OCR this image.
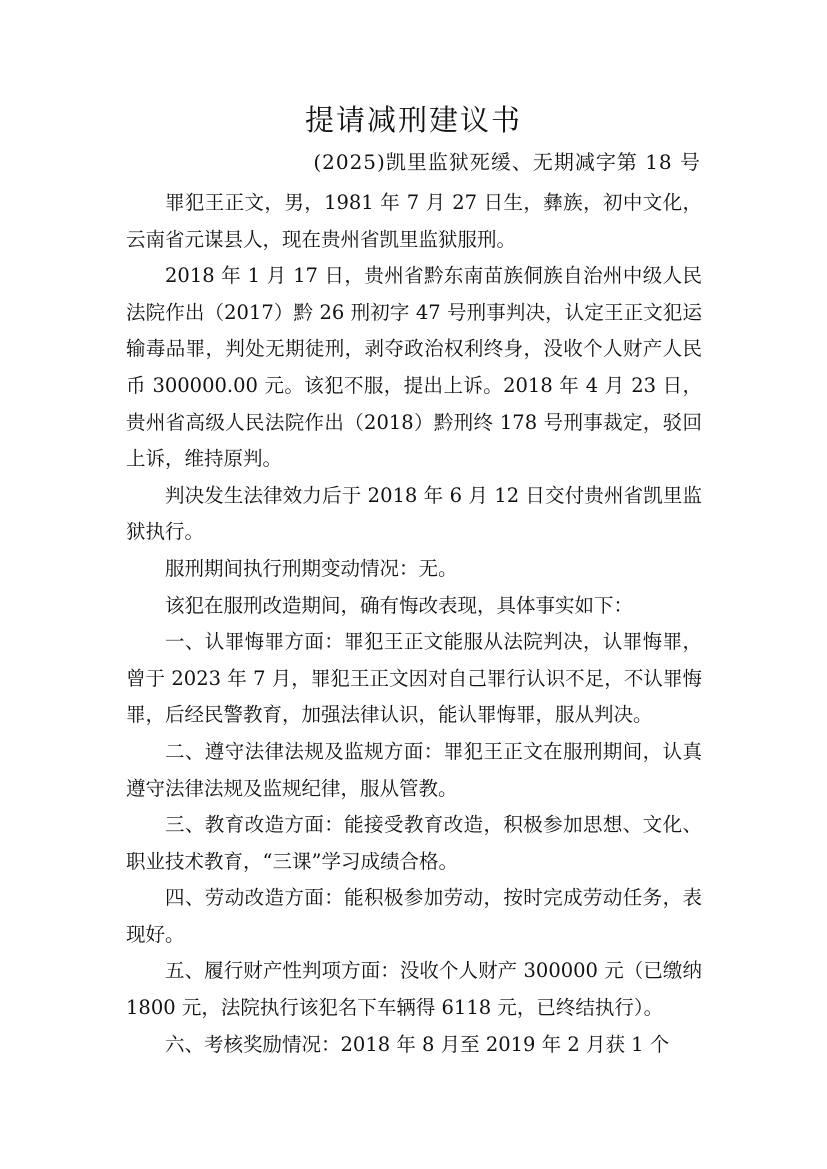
提请减刑建议书
(2025)凯里监狱死缓、无期减字第 18 号

罪犯王正文，男，1981 年 7 月 27 日生，彝族，初中文化，云南省元谋县人，现在贵州省凯里监狱服刑。

2018 年 1 月 17 日，贵州省黔东南苗族侗族自治州中级人民法院作出（2017）黔 26 刑初字 47 号刑事判决，认定王正文犯运输毒品罪，判处无期徒刑，剥夺政治权利终身，没收个人财产人民币 300000.00 元。该犯不服，提出上诉。2018 年 4 月 23 日，贵州省高级人民法院作出（2018）黔刑终 178 号刑事裁定，驳回上诉，维持原判。

判决发生法律效力后于 2018 年 6 月 12 日交付贵州省凯里监狱执行。

服刑期间执行刑期变动情况：无。

该犯在服刑改造期间，确有悔改表现，具体事实如下：

一、认罪悔罪方面：罪犯王正文能服从法院判决，认罪悔罪，曾于 2023 年 7 月，罪犯王正文因对自己罪行认识不足，不认罪悔罪，后经民警教育，加强法律认识，能认罪悔罪，服从判决。

二、遵守法律法规及监规方面：罪犯王正文在服刑期间，认真遵守法律法规及监规纪律，服从管教。

三、教育改造方面：能接受教育改造，积极参加思想、文化、职业技术教育，“三课”学习成绩合格。

四、劳动改造方面：能积极参加劳动，按时完成劳动任务，表现好。

五、履行财产性判项方面：没收个人财产 300000 元（已缴纳 1800 元，法院执行该犯名下车辆得 6118 元，已终结执行）。

六、考核奖励情况：2018 年 8 月至 2019 年 2 月获 1 个
